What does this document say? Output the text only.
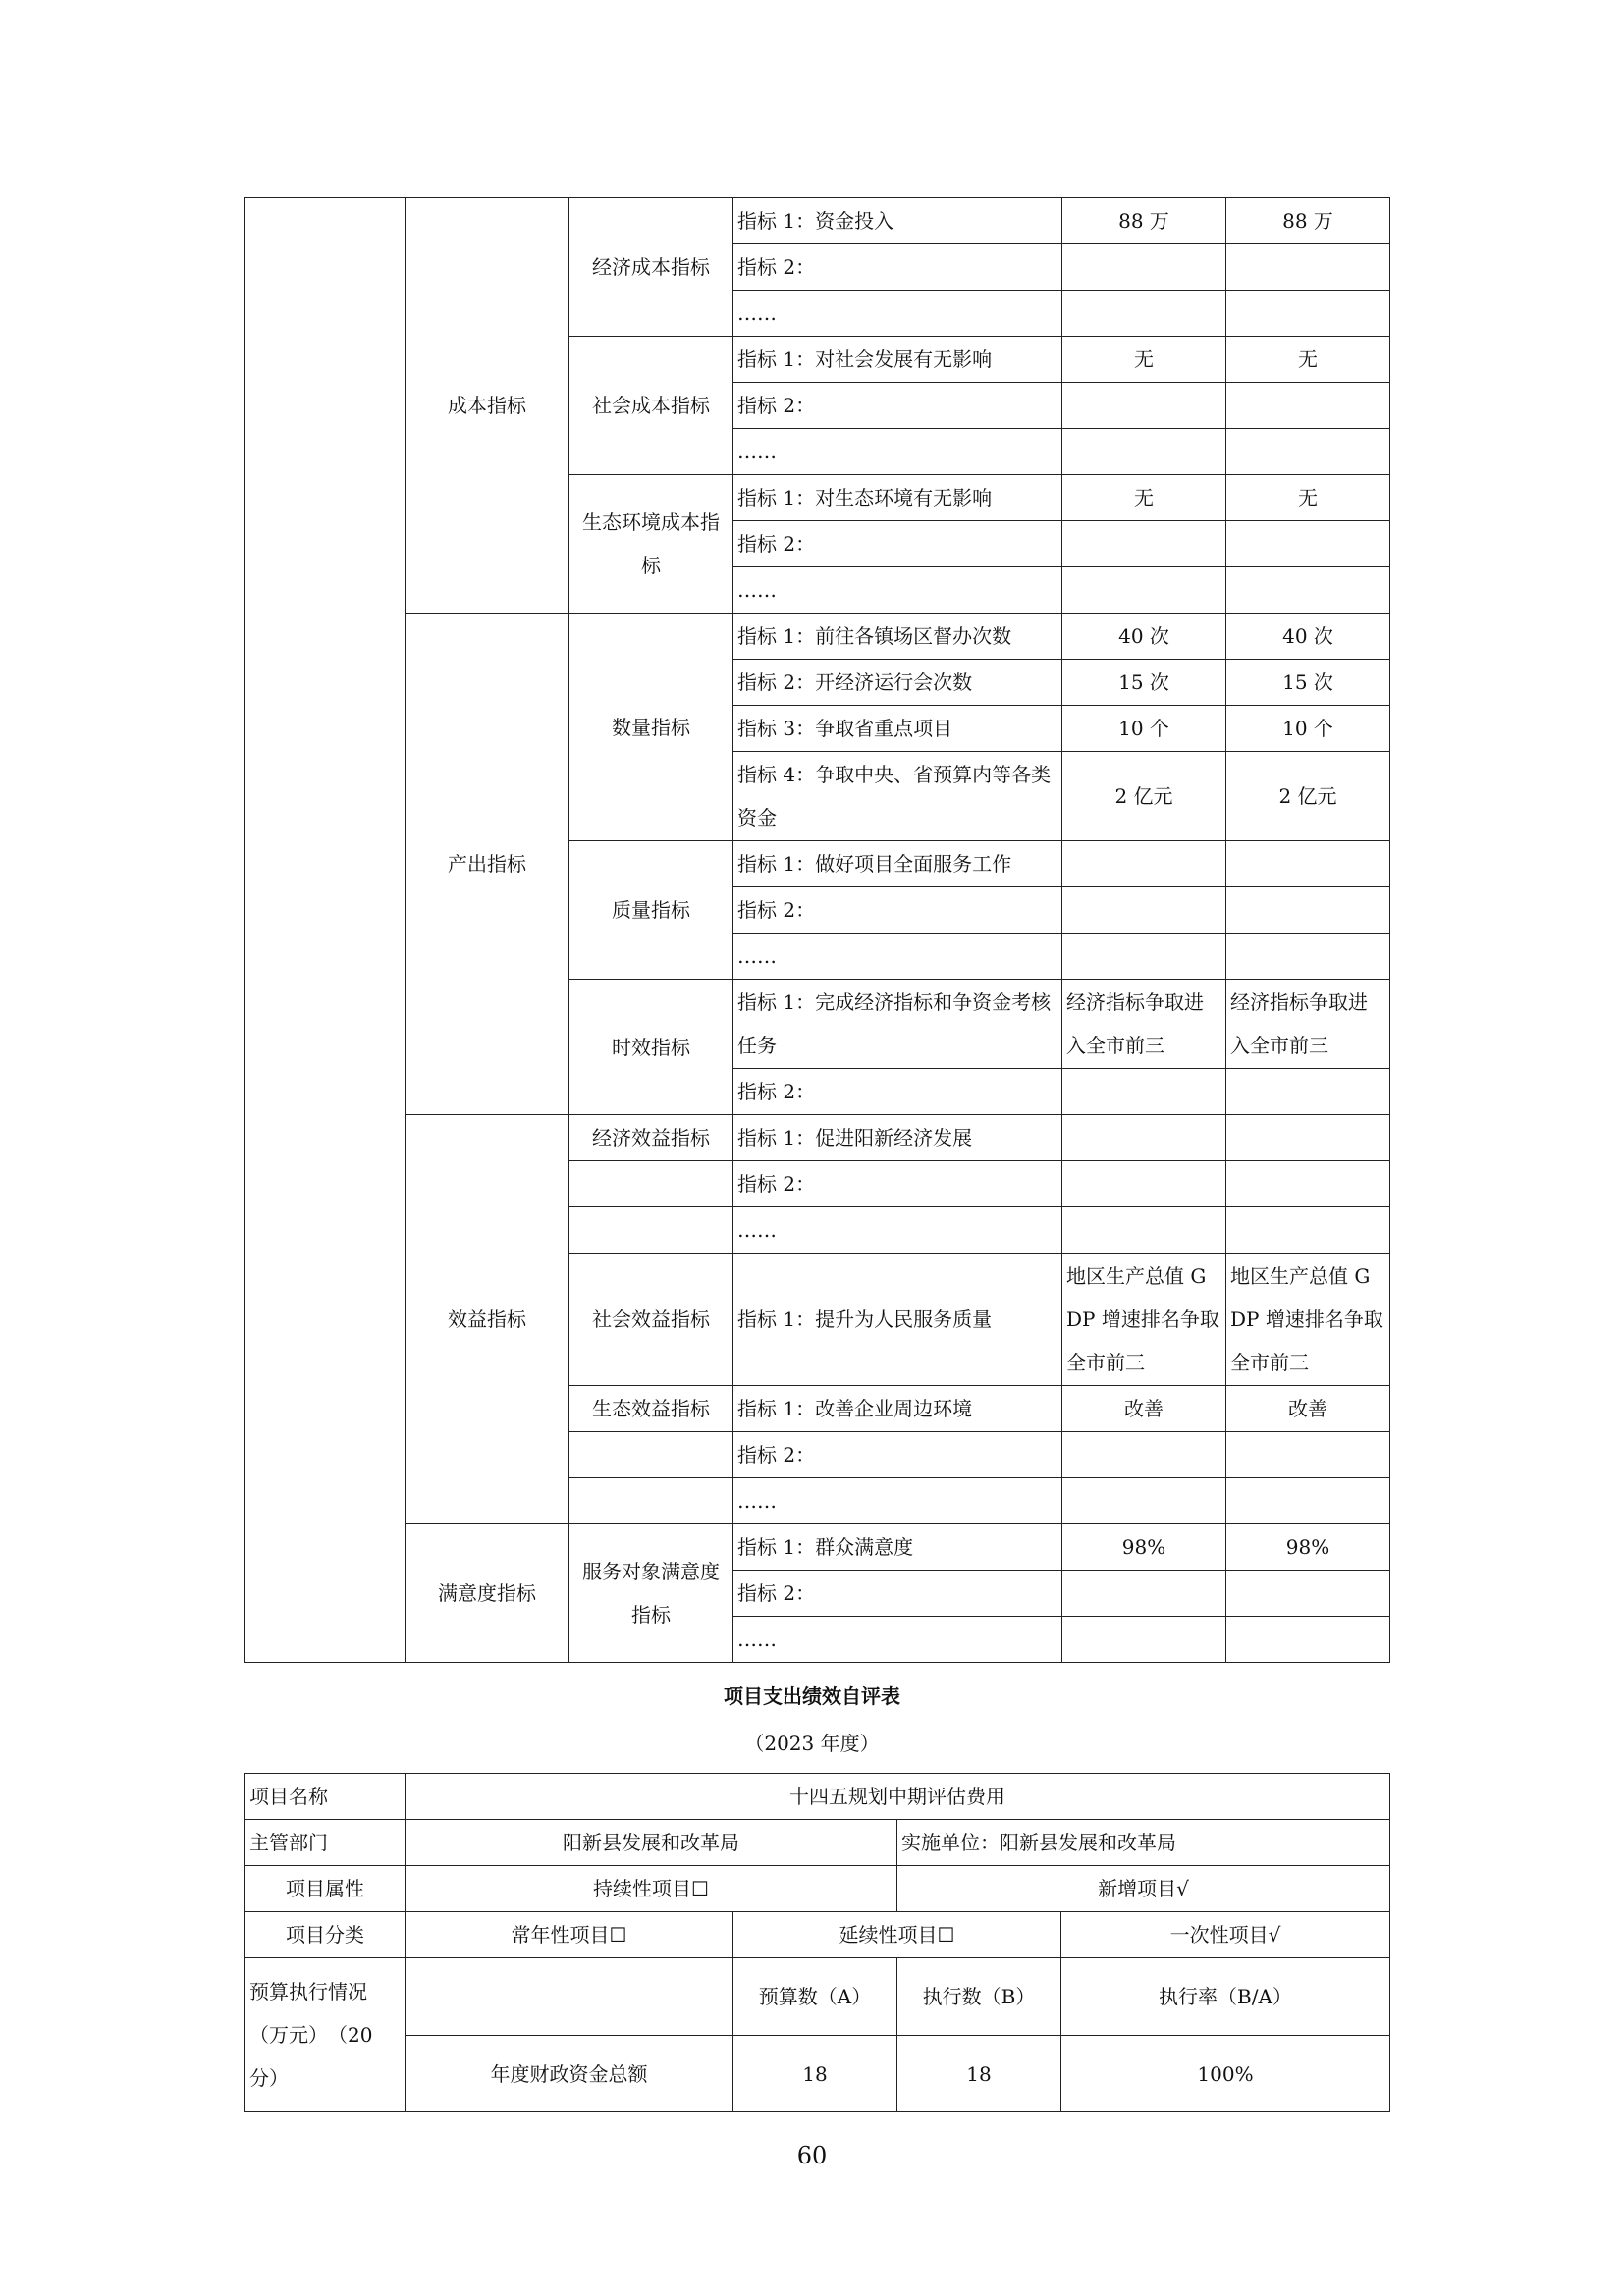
	成本指标	经济成本指标	指标 1：资金投入	88 万	88 万
			指标 2：		
			……		
		社会成本指标	指标 1：对社会发展有无影响	无	无
			指标 2：		
			……		
		生态环境成本指标	指标 1：对生态环境有无影响	无	无
			指标 2：		
			……		
	产出指标	数量指标	指标 1：前往各镇场区督办次数	40 次	40 次
			指标 2：开经济运行会次数	15 次	15 次
			指标 3：争取省重点项目	10 个	10 个
			指标 4：争取中央、省预算内等各类资金	2 亿元	2 亿元
		质量指标	指标 1：做好项目全面服务工作		
			指标 2：		
			……		
		时效指标	指标 1：完成经济指标和争资金考核任务	经济指标争取进入全市前三	经济指标争取进入全市前三
			指标 2：		
	效益指标	经济效益指标	指标 1：促进阳新经济发展		
			指标 2：		
			……		
		社会效益指标	指标 1：提升为人民服务质量	地区生产总值 GDP 增速排名争取全市前三	地区生产总值 GDP 增速排名争取全市前三
		生态效益指标	指标 1：改善企业周边环境	改善	改善
			指标 2：		
			……		
	满意度指标	服务对象满意度指标	指标 1：群众满意度	98%	98%
			指标 2：		
			……		
项目支出绩效自评表
（2023 年度）
项目名称	十四五规划中期评估费用			
主管部门	阳新县发展和改革局		实施单位：阳新县发展和改革局	
项目属性	持续性项目☐		新增项目√	
项目分类	常年性项目☐	延续性项目☐		一次性项目√
预算执行情况（万元）　（20 分）		预算数（A）	执行数（B）	执行率（B/A）
	年度财政资金总额	18	18	100%
60
